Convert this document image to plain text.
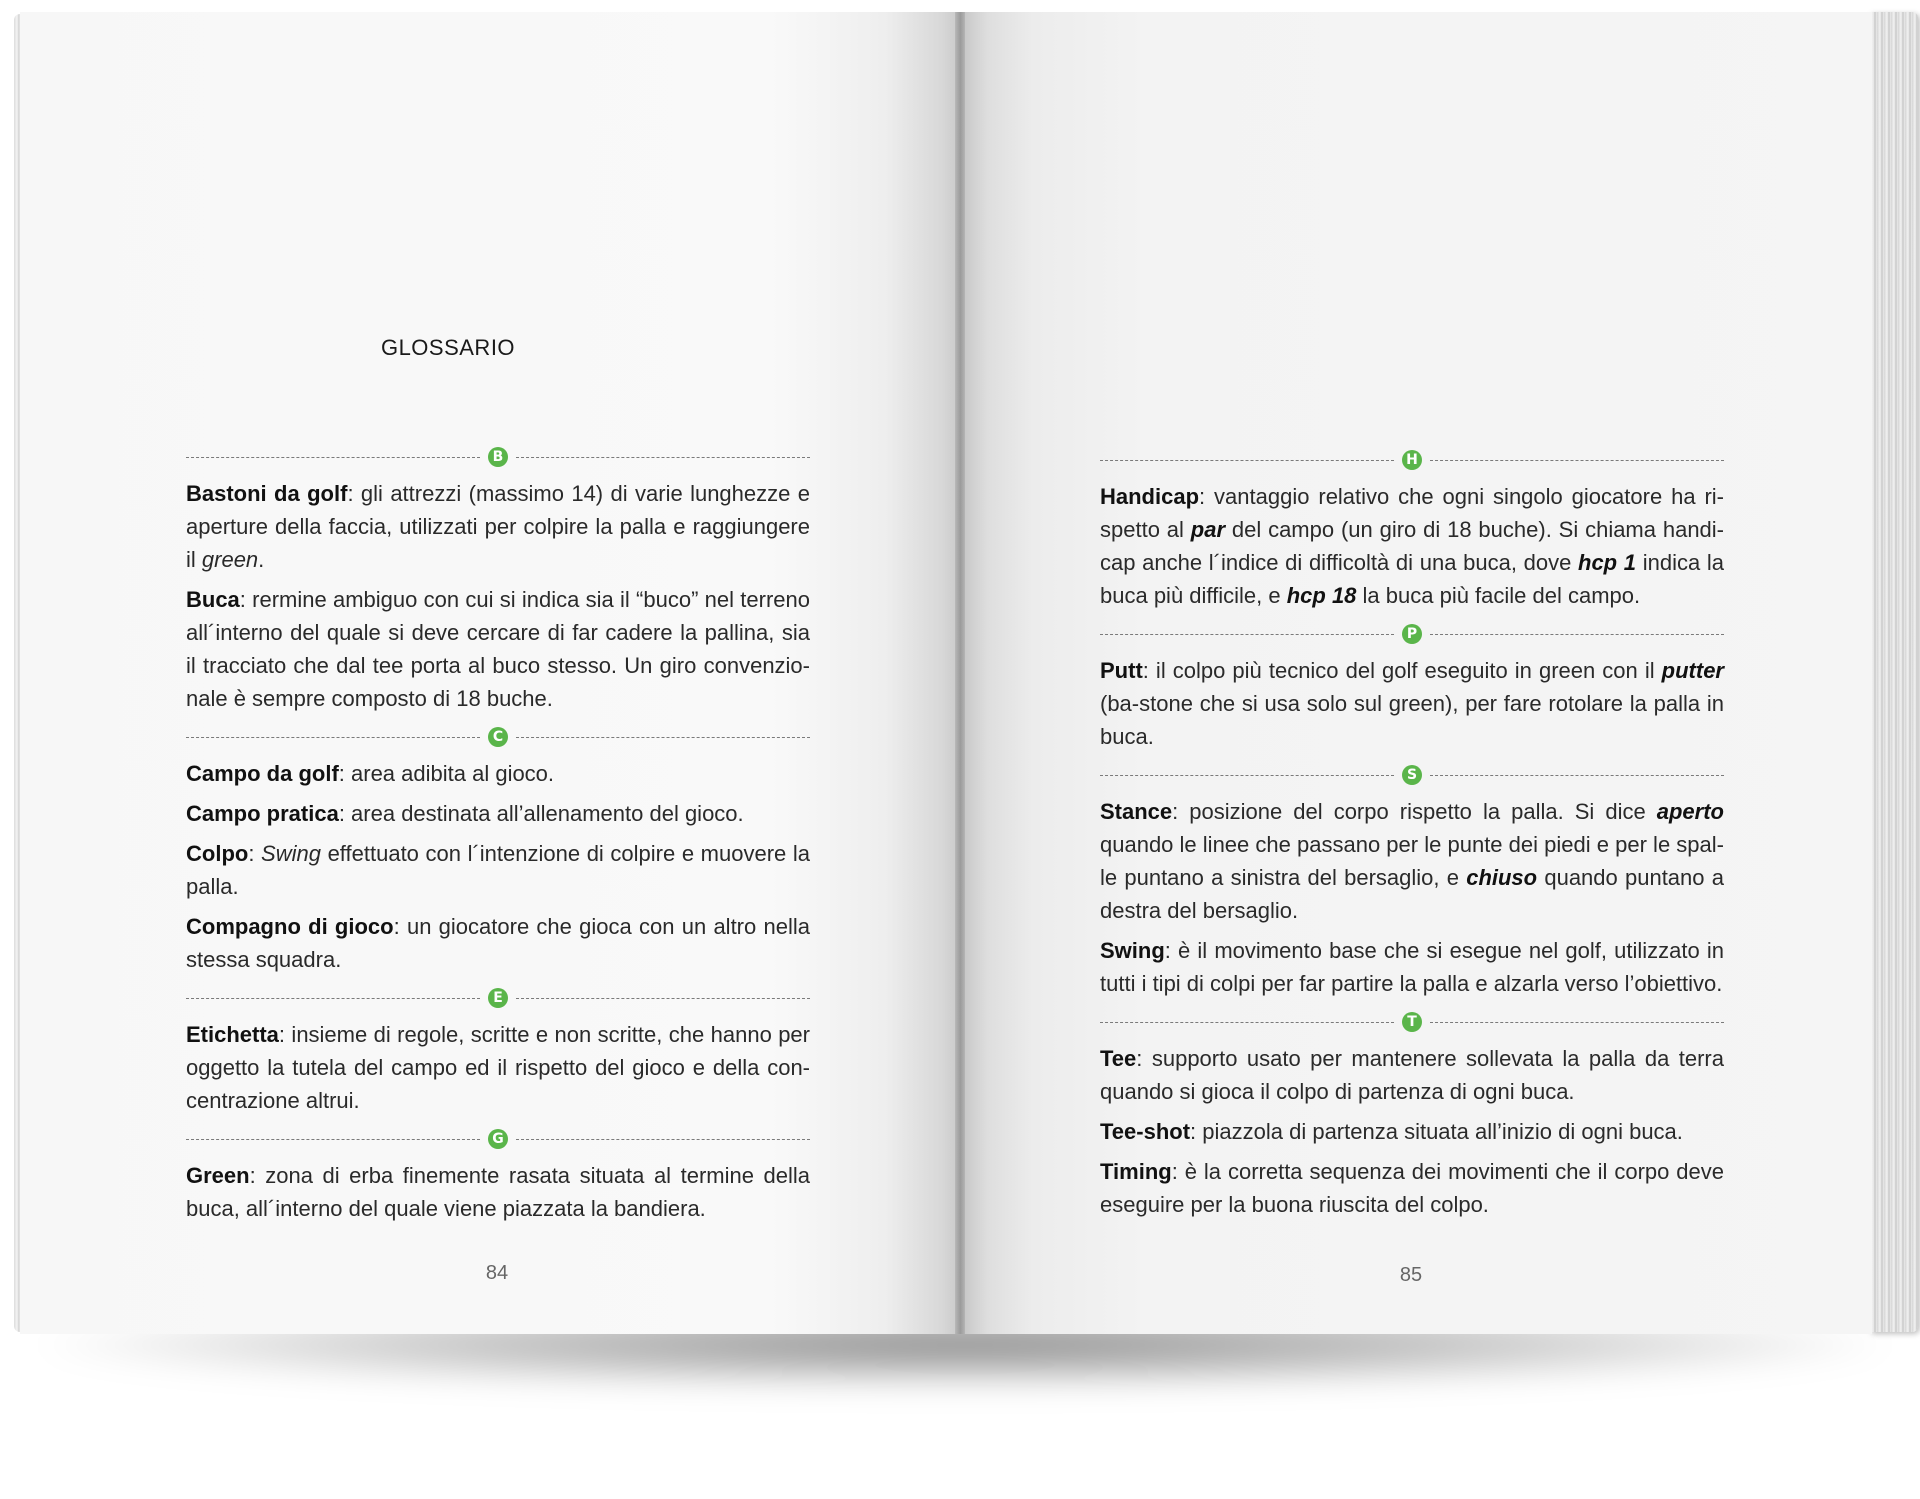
GLOSSARIO
B
Bastoni da golf: gli attrezzi (massimo 14) di varie lunghezze e aperture della faccia, utilizzati per colpire la palla e raggiungere il green.
Buca: rermine ambiguo con cui si indica sia il “buco” nel terreno all´interno del quale si deve cercare di far cadere la pallina, sia il tracciato che dal tee porta al buco stesso. Un giro convenzio-nale è sempre composto di 18 buche.
C
Campo da golf: area adibita al gioco.
Campo pratica: area destinata all’allenamento del gioco.
Colpo: Swing effettuato con l´intenzione di colpire e muovere la palla.
Compagno di gioco: un giocatore che gioca con un altro nella stessa squadra.
E
Etichetta: insieme di regole, scritte e non scritte, che hanno per oggetto la tutela del campo ed il rispetto del gioco e della con-centrazione altrui.
G
Green: zona di erba finemente rasata situata al termine della buca, all´interno del quale viene piazzata la bandiera.
84
H
Handicap: vantaggio relativo che ogni singolo giocatore ha ri-spetto al par del campo (un giro di 18 buche). Si chiama handi-cap anche l´indice di difficoltà di una buca, dove hcp 1 indica la buca più difficile, e hcp 18 la buca più facile del campo.
P
Putt: il colpo più tecnico del golf eseguito in green con il putter (ba-stone che si usa solo sul green), per fare rotolare la palla in buca.
S
Stance: posizione del corpo rispetto la palla. Si dice aperto quando le linee che passano per le punte dei piedi e per le spal-le puntano a sinistra del bersaglio, e chiuso quando puntano a destra del bersaglio.
Swing: è il movimento base che si esegue nel golf, utilizzato in tutti i tipi di colpi per far partire la palla e alzarla verso l’obiettivo.
T
Tee: supporto usato per mantenere sollevata la palla da terra quando si gioca il colpo di partenza di ogni buca.
Tee-shot: piazzola di partenza situata all’inizio di ogni buca.
Timing: è la corretta sequenza dei movimenti che il corpo deve eseguire per la buona riuscita del colpo.
85
